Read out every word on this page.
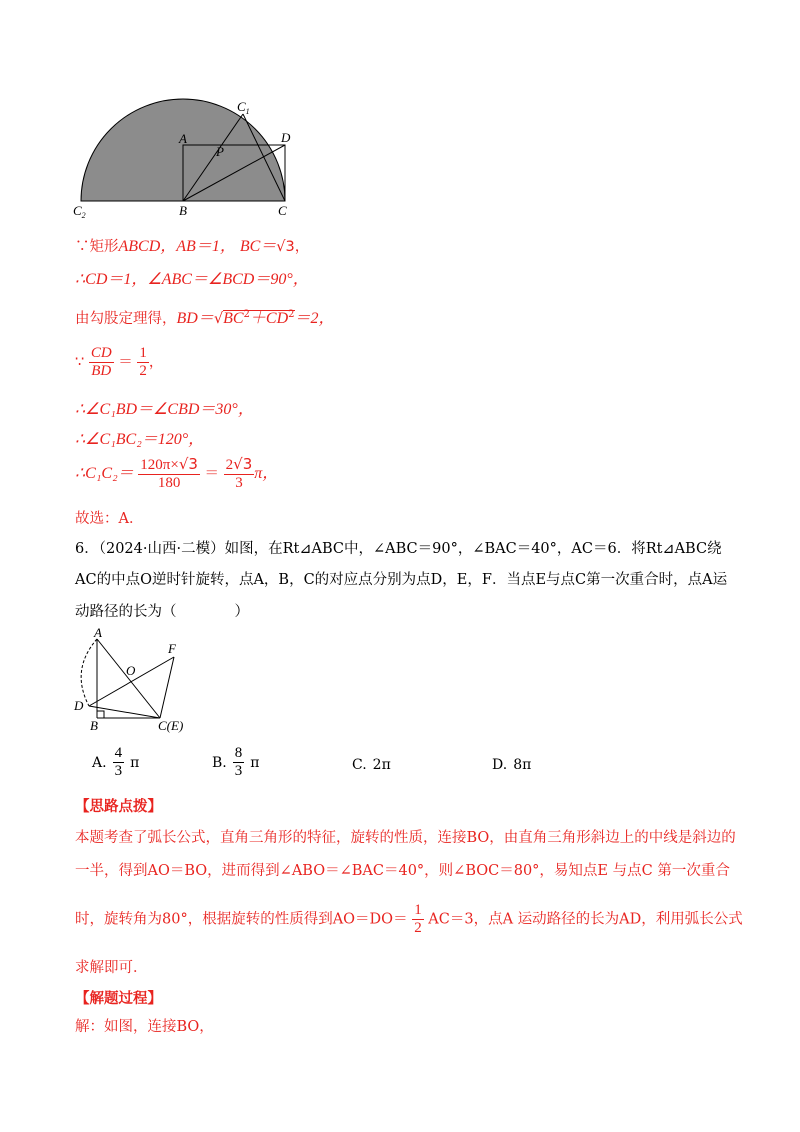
$C_1$
A	D
P
$C_2$	B	C
∵矩形ABCD，AB＝1， BC＝√3，
∴CD＝1，∠ABC＝∠BCD＝90°，
由勾股定理得，$BD=√BC^2+CD^2=2$，
∵ $\frac{CD}{BD} = \frac{1}{2}$ ，
∴∠C₁BD＝∠CBD＝30°，
∴∠C₁BC₂＝120°，
∴C₁C₂＝ $\frac{120\pi\times√3}{180} = \frac{2√3}{3}$ π，
故选：A．
6．（2024·山西·二模）如图，在Rt⊿ABC中，∠ABC＝90°，∠BAC＝40°，AC＝6．将Rt⊿ABC绕
AC的中点O逆时针旋转，点A，B，C的对应点分别为点D，E，F．当点E与点C第一次重合时，点A运
动路径的长为（　　　　）
A
F
O
D
B	C(E)
A. $\frac{4}{3}$ π	B. $\frac{8}{3}$ π	C. 2π	D. 8π
【思路点拨】
本题考查了弧长公式，直角三角形的特征，旋转的性质，连接BO，由直角三角形斜边上的中线是斜边的
一半，得到AO＝BO，进而得到∠ABO＝∠BAC＝40°，则∠BOC＝80°，易知点E 与点C 第一次重合
时，旋转角为80°，根据旋转的性质得到$AO=DO= \frac{1}{2} AC=3$，点A 运动路径的长为AD，利用弧长公式
求解即可．
【解题过程】
解：如图，连接BO，
